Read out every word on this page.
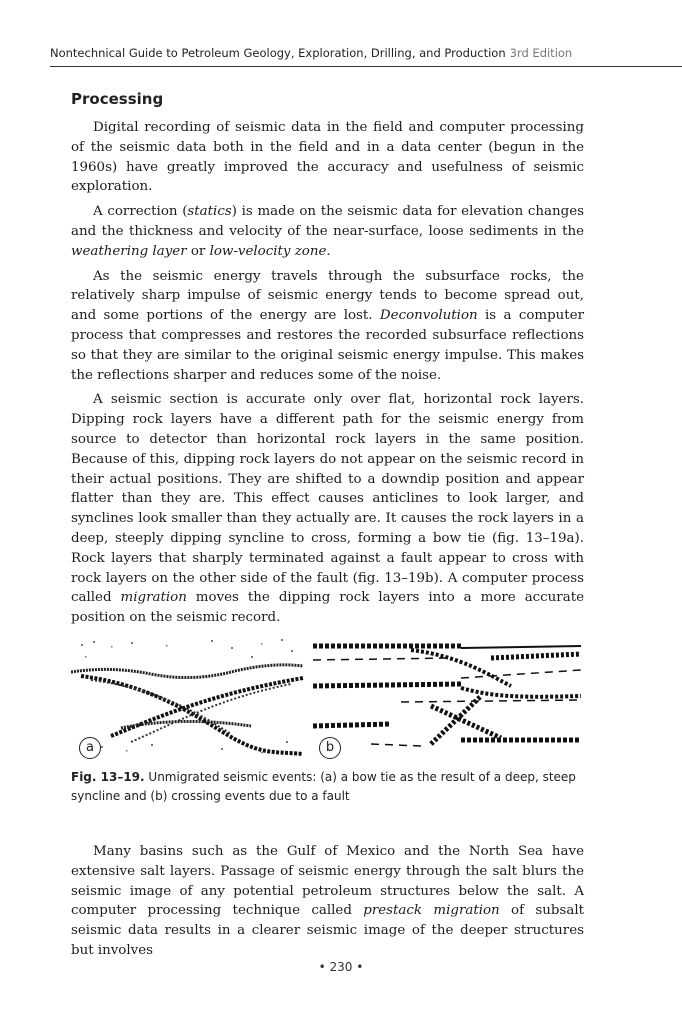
Nontechnical Guide to Petroleum Geology, Exploration, Drilling, and Production 3rd Edition
Processing

Digital recording of seismic data in the field and computer processing of the seismic data both in the field and in a data center (begun in the 1960s) have greatly improved the accuracy and usefulness of seismic exploration.

A correction (statics) is made on the seismic data for elevation changes and the thickness and velocity of the near-surface, loose sediments in the weathering layer or low-velocity zone.

As the seismic energy travels through the subsurface rocks, the relatively sharp impulse of seismic energy tends to become spread out, and some portions of the energy are lost. Deconvolution is a computer process that compresses and restores the recorded subsurface reflections so that they are similar to the original seismic energy impulse. This makes the reflections sharper and reduces some of the noise.

A seismic section is accurate only over flat, horizontal rock layers. Dipping rock layers have a different path for the seismic energy from source to detector than horizontal rock layers in the same position. Because of this, dipping rock layers do not appear on the seismic record in their actual positions. They are shifted to a downdip position and appear flatter than they are. This effect causes anticlines to look larger, and synclines look smaller than they actually are. It causes the rock layers in a deep, steeply dipping syncline to cross, forming a bow tie (fig. 13–19a). Rock layers that sharply terminated against a fault appear to cross with rock layers on the other side of the fault (fig. 13–19b). A computer process called migration moves the dipping rock layers into a more accurate position on the seismic record.

a	b
Fig. 13–19. Unmigrated seismic events: (a) a bow tie as the result of a deep, steep syncline and (b) crossing events due to a fault

Many basins such as the Gulf of Mexico and the North Sea have extensive salt layers. Passage of seismic energy through the salt blurs the seismic image of any potential petroleum structures below the salt. A computer processing technique called prestack migration of subsalt seismic data results in a clearer seismic image of the deeper structures but involves

• 230 •
